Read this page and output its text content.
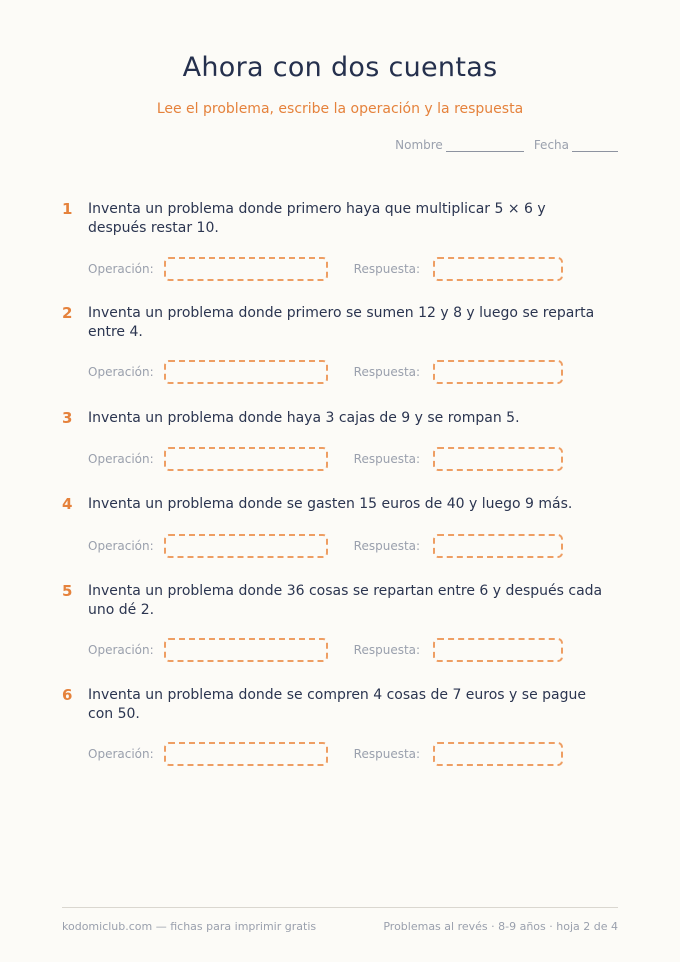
Ahora con dos cuentas
Lee el problema, escribe la operación y la respuesta
Nombre	Fecha
1 Inventa un problema donde primero haya que multiplicar 5 × 6 y después restar 10.
Operación:	Respuesta:
2 Inventa un problema donde primero se sumen 12 y 8 y luego se reparta entre 4.
Operación:	Respuesta:
3 Inventa un problema donde haya 3 cajas de 9 y se rompan 5.
Operación:	Respuesta:
4 Inventa un problema donde se gasten 15 euros de 40 y luego 9 más.
Operación:	Respuesta:
5 Inventa un problema donde 36 cosas se repartan entre 6 y después cada uno dé 2.
Operación:	Respuesta:
6 Inventa un problema donde se compren 4 cosas de 7 euros y se pague con 50.
Operación:	Respuesta:
kodomiclub.com — fichas para imprimir gratis	Problemas al revés · 8-9 años · hoja 2 de 4
